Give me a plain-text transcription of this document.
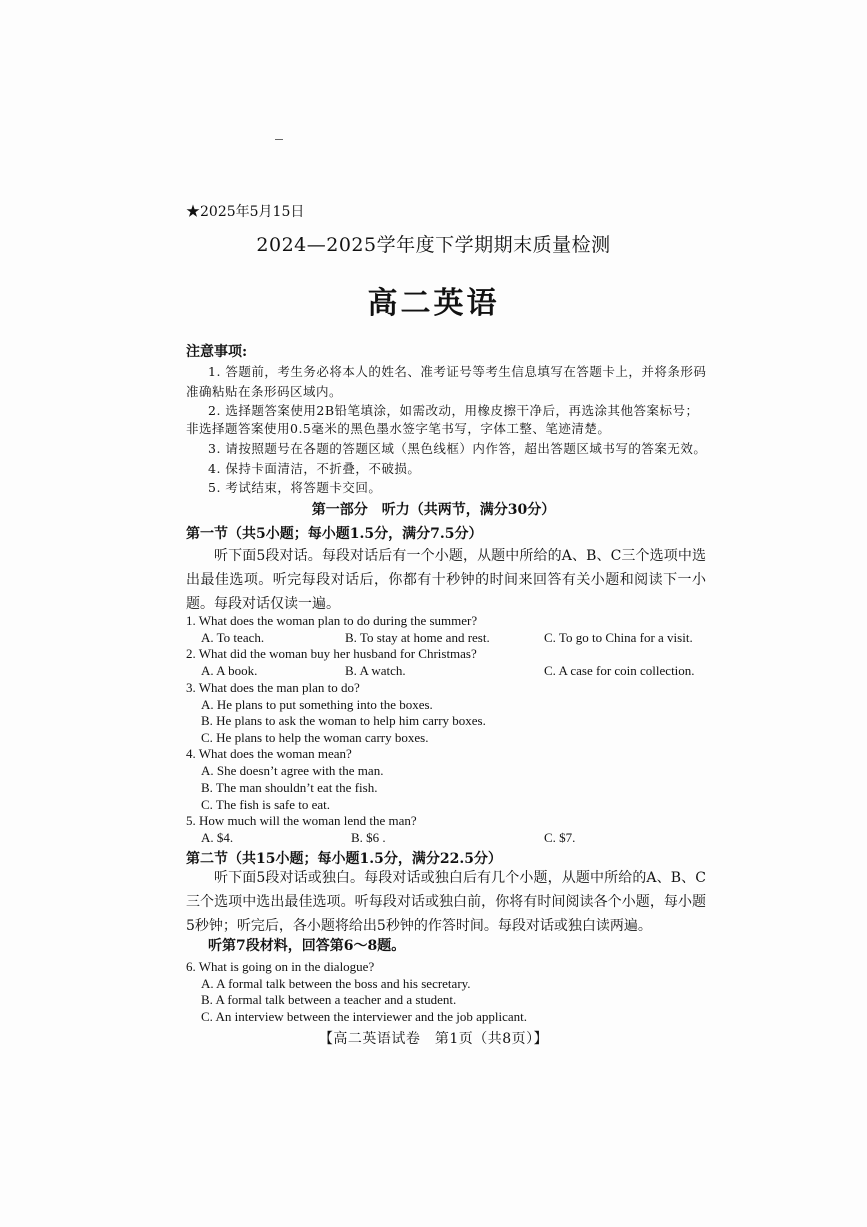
★2025年5月15日
2024—2025学年度下学期期末质量检测
高二英语
注意事项:
1. 答题前，考生务必将本人的姓名、准考证号等考生信息填写在答题卡上，并将条形码
准确粘贴在条形码区域内。
2. 选择题答案使用2B铅笔填涂，如需改动，用橡皮擦干净后，再选涂其他答案标号；
非选择题答案使用0.5毫米的黑色墨水签字笔书写，字体工整、笔迹清楚。
3. 请按照题号在各题的答题区域（黑色线框）内作答，超出答题区域书写的答案无效。
4. 保持卡面清洁，不折叠，不破损。
5. 考试结束，将答题卡交回。
第一部分　听力（共两节，满分30分）
第一节（共5小题；每小题1.5分，满分7.5分）
听下面5段对话。每段对话后有一个小题，从题中所给的A、B、C三个选项中选出最佳选项。听完每段对话后，你都有十秒钟的时间来回答有关小题和阅读下一小题。每段对话仅读一遍。
1. What does the woman plan to do during the summer?
A. To teach.	B. To stay at home and rest.	C. To go to China for a visit.
2. What did the woman buy her husband for Christmas?
A. A book.	B. A watch.	C. A case for coin collection.
3. What does the man plan to do?
A. He plans to put something into the boxes.
B. He plans to ask the woman to help him carry boxes.
C. He plans to help the woman carry boxes.
4. What does the woman mean?
A. She doesn’t agree with the man.
B. The man shouldn’t eat the fish.
C. The fish is safe to eat.
5. How much will the woman lend the man?
A. $4.	B. $6 .	C. $7.
第二节（共15小题；每小题1.5分，满分22.5分）
听下面5段对话或独白。每段对话或独白后有几个小题，从题中所给的A、B、C三个选项中选出最佳选项。听每段对话或独白前，你将有时间阅读各个小题，每小题5秒钟；听完后，各小题将给出5秒钟的作答时间。每段对话或独白读两遍。
听第7段材料，回答第6～8题。
6. What is going on in the dialogue?
A. A formal talk between the boss and his secretary.
B. A formal talk between a teacher and a student.
C. An interview between the interviewer and the job applicant.
【高二英语试卷　第1页（共8页）】
